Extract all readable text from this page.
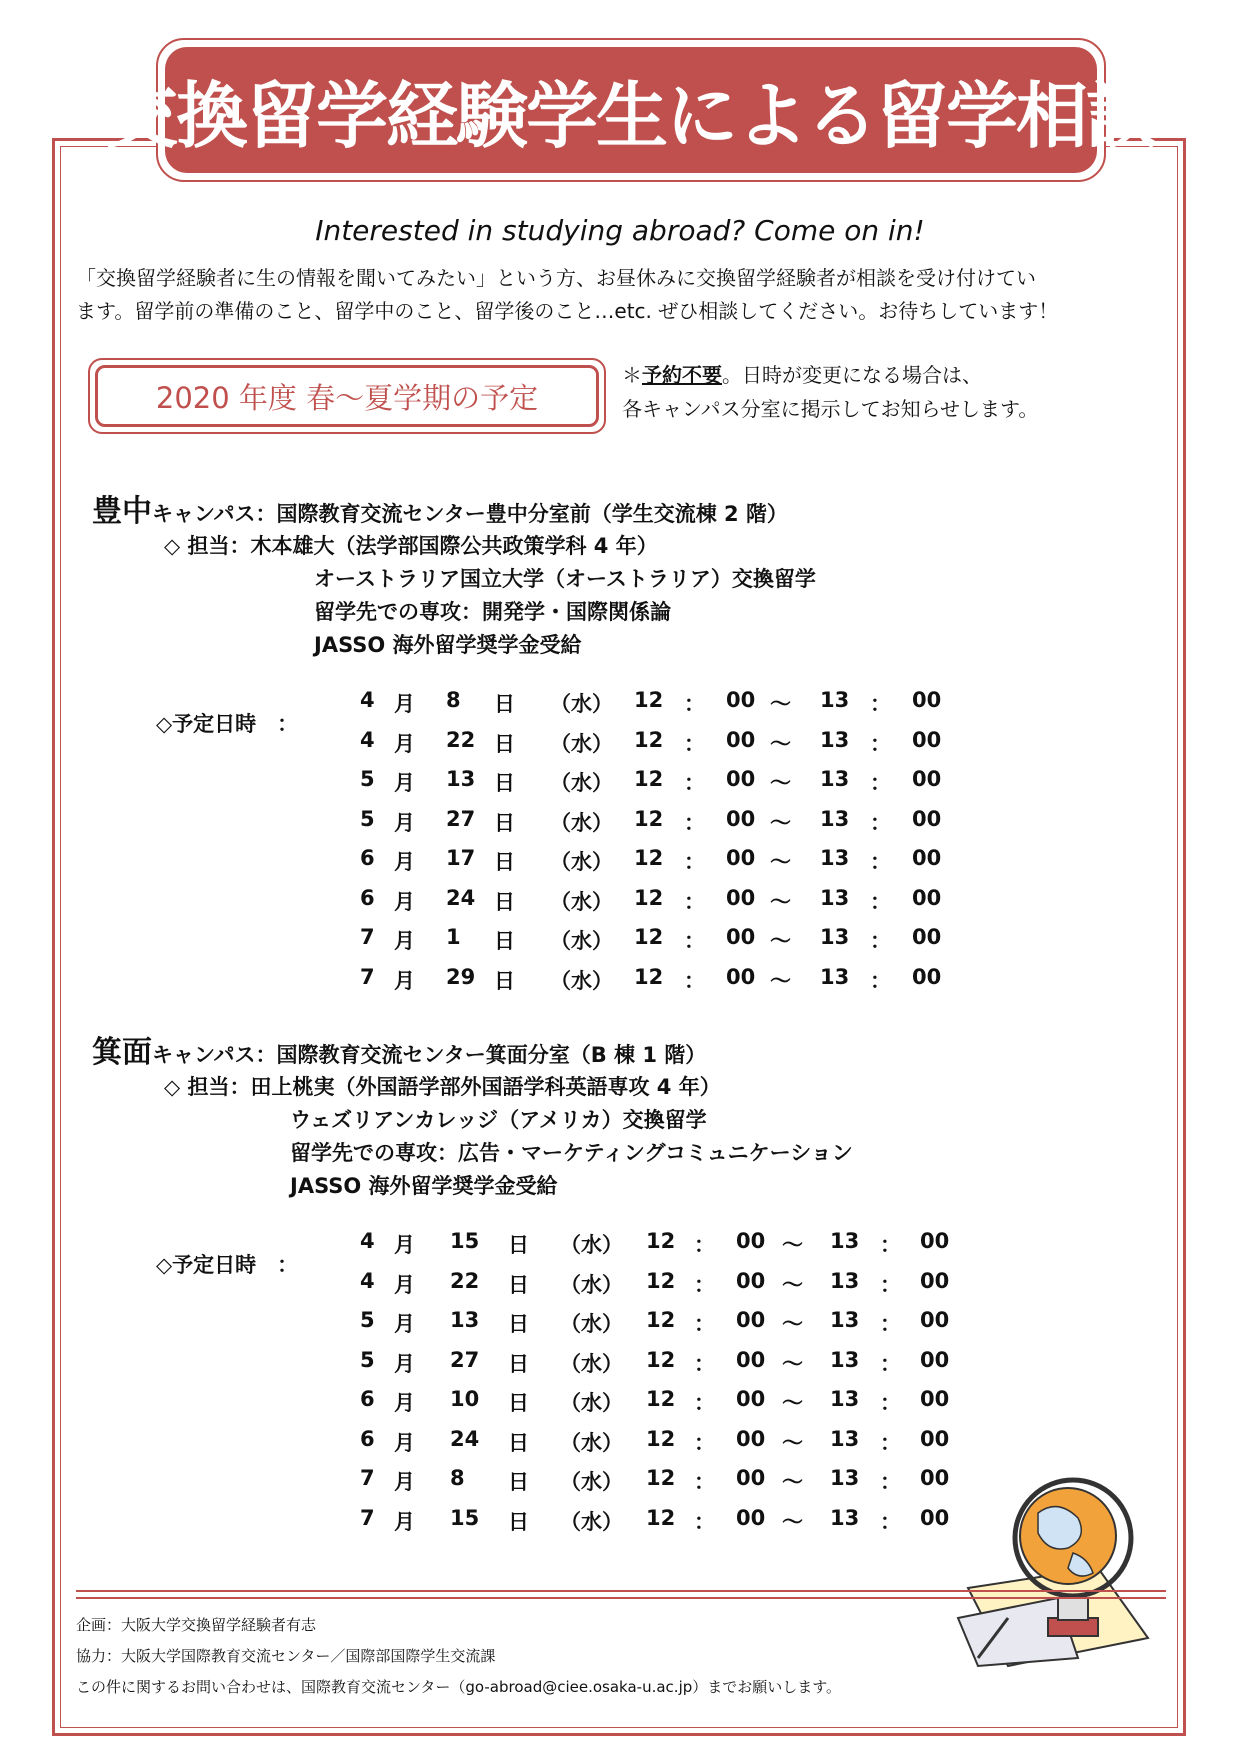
交換留学経験学生による留学相談
Interested in studying abroad? Come on in!
「交換留学経験者に生の情報を聞いてみたい」という方、お昼休みに交換留学経験者が相談を受け付けてい
ます。留学前の準備のこと、留学中のこと、留学後のこと…etc. ぜひ相談してください。お待ちしています！
2020 年度 春～夏学期の予定
＊予約不要。日時が変更になる場合は、
各キャンパス分室に掲示してお知らせします。
豊中キャンパス：国際教育交流センター豊中分室前（学生交流棟 2 階）
◇ 担当：木本雄大（法学部国際公共政策学科 4 年）
オーストラリア国立大学（オーストラリア）交換留学
留学先での専攻：開発学・国際関係論
JASSO 海外留学奨学金受給
◇予定日時　：
4 月 8 日 （水） 12 ： 00 ～ 13 ： 00
4 月 22 日 （水） 12 ： 00 ～ 13 ： 00
5 月 13 日 （水） 12 ： 00 ～ 13 ： 00
5 月 27 日 （水） 12 ： 00 ～ 13 ： 00
6 月 17 日 （水） 12 ： 00 ～ 13 ： 00
6 月 24 日 （水） 12 ： 00 ～ 13 ： 00
7 月 1 日 （水） 12 ： 00 ～ 13 ： 00
7 月 29 日 （水） 12 ： 00 ～ 13 ： 00
箕面キャンパス：国際教育交流センター箕面分室（B 棟 1 階）
◇ 担当：田上桃実（外国語学部外国語学科英語専攻 4 年）
ウェズリアンカレッジ（アメリカ）交換留学
留学先での専攻：広告・マーケティングコミュニケーション
JASSO 海外留学奨学金受給
◇予定日時　：
4 月 15 日 （水） 12 ： 00 ～ 13 ： 00
4 月 22 日 （水） 12 ： 00 ～ 13 ： 00
5 月 13 日 （水） 12 ： 00 ～ 13 ： 00
5 月 27 日 （水） 12 ： 00 ～ 13 ： 00
6 月 10 日 （水） 12 ： 00 ～ 13 ： 00
6 月 24 日 （水） 12 ： 00 ～ 13 ： 00
7 月 8 日 （水） 12 ： 00 ～ 13 ： 00
7 月 15 日 （水） 12 ： 00 ～ 13 ： 00
企画：大阪大学交換留学経験者有志
協力：大阪大学国際教育交流センター／国際部国際学生交流課
この件に関するお問い合わせは、国際教育交流センター（go-abroad@ciee.osaka-u.ac.jp）までお願いします。
